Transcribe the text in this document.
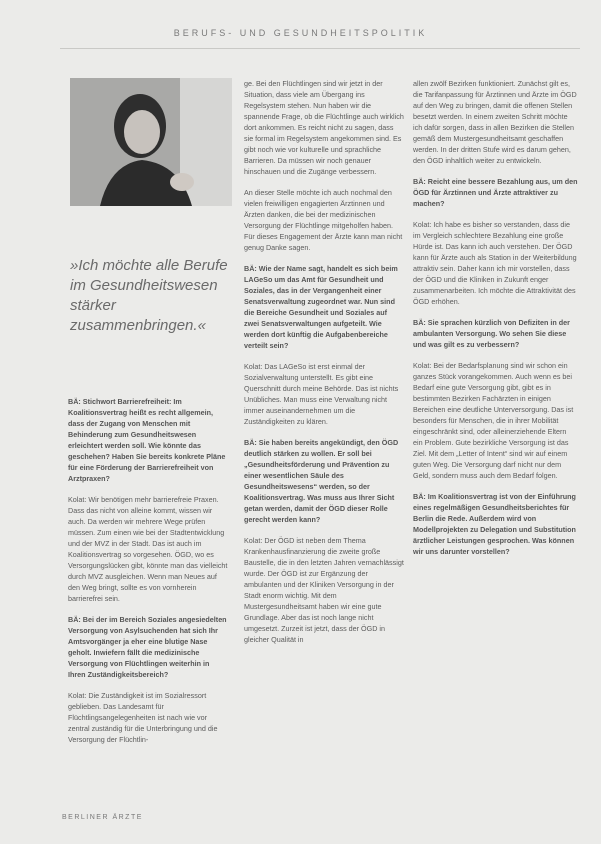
BERUFS- UND GESUNDHEITSPOLITIK
»Ich möchte alle Berufe im Gesundheitswesen stärker zusammenbringen.«

BÄ: Stichwort Barrierefreiheit: Im Koalitionsvertrag heißt es recht allgemein, dass der Zugang von Menschen mit Behinderung zum Gesundheitswesen erleichtert werden soll. Wie könnte das geschehen? Haben Sie bereits konkrete Pläne für eine Förderung der Barrierefreiheit von Arztpraxen?

Kolat: Wir benötigen mehr barrierefreie Praxen. Dass das nicht von alleine kommt, wissen wir auch. Da werden wir mehrere Wege prüfen müssen. Zum einen wie bei der Stadtentwicklung und der MVZ in der Stadt. Das ist auch im Koalitionsvertrag so vorgesehen. ÖGD, wo es Versorgungslücken gibt, könnte man das vielleicht durch MVZ ausgleichen. Wenn man Neues auf den Weg bringt, sollte es von vornherein barrierefrei sein.

BÄ: Bei der im Bereich Soziales angesiedelten Versorgung von Asylsuchenden hat sich Ihr Amtsvorgänger ja eher eine blutige Nase geholt. Inwiefern fällt die medizinische Versorgung von Flüchtlingen weiterhin in Ihren Zuständigkeitsbereich?

Kolat: Die Zuständigkeit ist im Sozialressort geblieben. Das Landesamt für Flüchtlingsangelegenheiten ist nach wie vor zentral zuständig für die Unterbringung und die Versorgung der Flüchtlin-

ge. Bei den Flüchtlingen sind wir jetzt in der Situation, dass viele am Übergang ins Regelsystem stehen. Nun haben wir die spannende Frage, ob die Flüchtlinge auch wirklich dort ankommen. Es reicht nicht zu sagen, dass sie formal im Regelsystem angekommen sind. Es gibt noch wie vor kulturelle und sprachliche Barrieren. Da müssen wir noch genauer hinschauen und die Zugänge verbessern.

An dieser Stelle möchte ich auch nochmal den vielen freiwilligen engagierten Ärztinnen und Ärzten danken, die bei der medizinischen Versorgung der Flüchtlinge mitgeholfen haben. Für dieses Engagement der Ärzte kann man nicht genug Danke sagen.

BÄ: Wie der Name sagt, handelt es sich beim LAGeSo um das Amt für Gesundheit und Soziales, das in der Vergangenheit einer Senatsverwaltung zugeordnet war. Nun sind die Bereiche Gesundheit und Soziales auf zwei Senatsverwaltungen aufgeteilt. Wie werden dort künftig die Aufgabenbereiche verteilt sein?

Kolat: Das LAGeSo ist erst einmal der Sozialverwaltung unterstellt. Es gibt eine Querschnitt durch meine Behörde. Das ist nichts Unübliches. Man muss eine Verwaltung nicht immer auseinandernehmen um die Zuständigkeiten zu klären.

BÄ: Sie haben bereits angekündigt, den ÖGD deutlich stärken zu wollen. Er soll bei „Gesundheitsförderung und Prävention zu einer wesentlichen Säule des Gesundheitswesens“ werden, so der Koalitionsvertrag. Was muss aus Ihrer Sicht getan werden, damit der ÖGD dieser Rolle gerecht werden kann?

Kolat: Der ÖGD ist neben dem Thema Krankenhausfinanzierung die zweite große Baustelle, die in den letzten Jahren vernachlässigt wurde. Der ÖGD ist zur Ergänzung der ambulanten und der Kliniken Versorgung in der Stadt enorm wichtig. Mit dem Mustergesundheitsamt haben wir eine gute Grundlage. Aber das ist noch lange nicht umgesetzt. Zurzeit ist jetzt, dass der ÖGD in gleicher Qualität in

allen zwölf Bezirken funktioniert. Zunächst gilt es, die Tarifanpassung für Ärztinnen und Ärzte im ÖGD auf den Weg zu bringen, damit die offenen Stellen besetzt werden. In einem zweiten Schritt möchte ich dafür sorgen, dass in allen Bezirken die Stellen gemäß dem Mustergesundheitsamt geschaffen werden. In der dritten Stufe wird es darum gehen, den ÖGD inhaltlich weiter zu entwickeln.

BÄ: Reicht eine bessere Bezahlung aus, um den ÖGD für Ärztinnen und Ärzte attraktiver zu machen?

Kolat: Ich habe es bisher so verstanden, dass die im Vergleich schlechtere Bezahlung eine große Hürde ist. Das kann ich auch verstehen. Der ÖGD kann für Ärzte auch als Station in der Weiterbildung attraktiv sein. Daher kann ich mir vorstellen, dass der ÖGD und die Kliniken in Zukunft enger zusammenarbeiten. Ich möchte die Attraktivität des ÖGD erhöhen.

BÄ: Sie sprachen kürzlich von Defiziten in der ambulanten Versorgung. Wo sehen Sie diese und was gilt es zu verbessern?

Kolat: Bei der Bedarfsplanung sind wir schon ein ganzes Stück vorangekommen. Auch wenn es bei Bedarf eine gute Versorgung gibt, gibt es in bestimmten Bezirken Fachärzten in einigen Bereichen eine deutliche Unterversorgung. Das ist besonders für Menschen, die in ihrer Mobilität eingeschränkt sind, oder alleinerziehende Eltern ein Problem. Gute bezirkliche Versorgung ist das Ziel. Mit dem „Letter of Intent“ sind wir auf einem guten Weg. Die Versorgung darf nicht nur dem Geld, sondern muss auch dem Bedarf folgen.

BÄ: Im Koalitionsvertrag ist von der Einführung eines regelmäßigen Gesundheitsberichtes für Berlin die Rede. Außerdem wird von Modellprojekten zu Delegation und Substitution ärztlicher Leistungen gesprochen. Was können wir uns darunter vorstellen?

BERLINER ÄRZTE
